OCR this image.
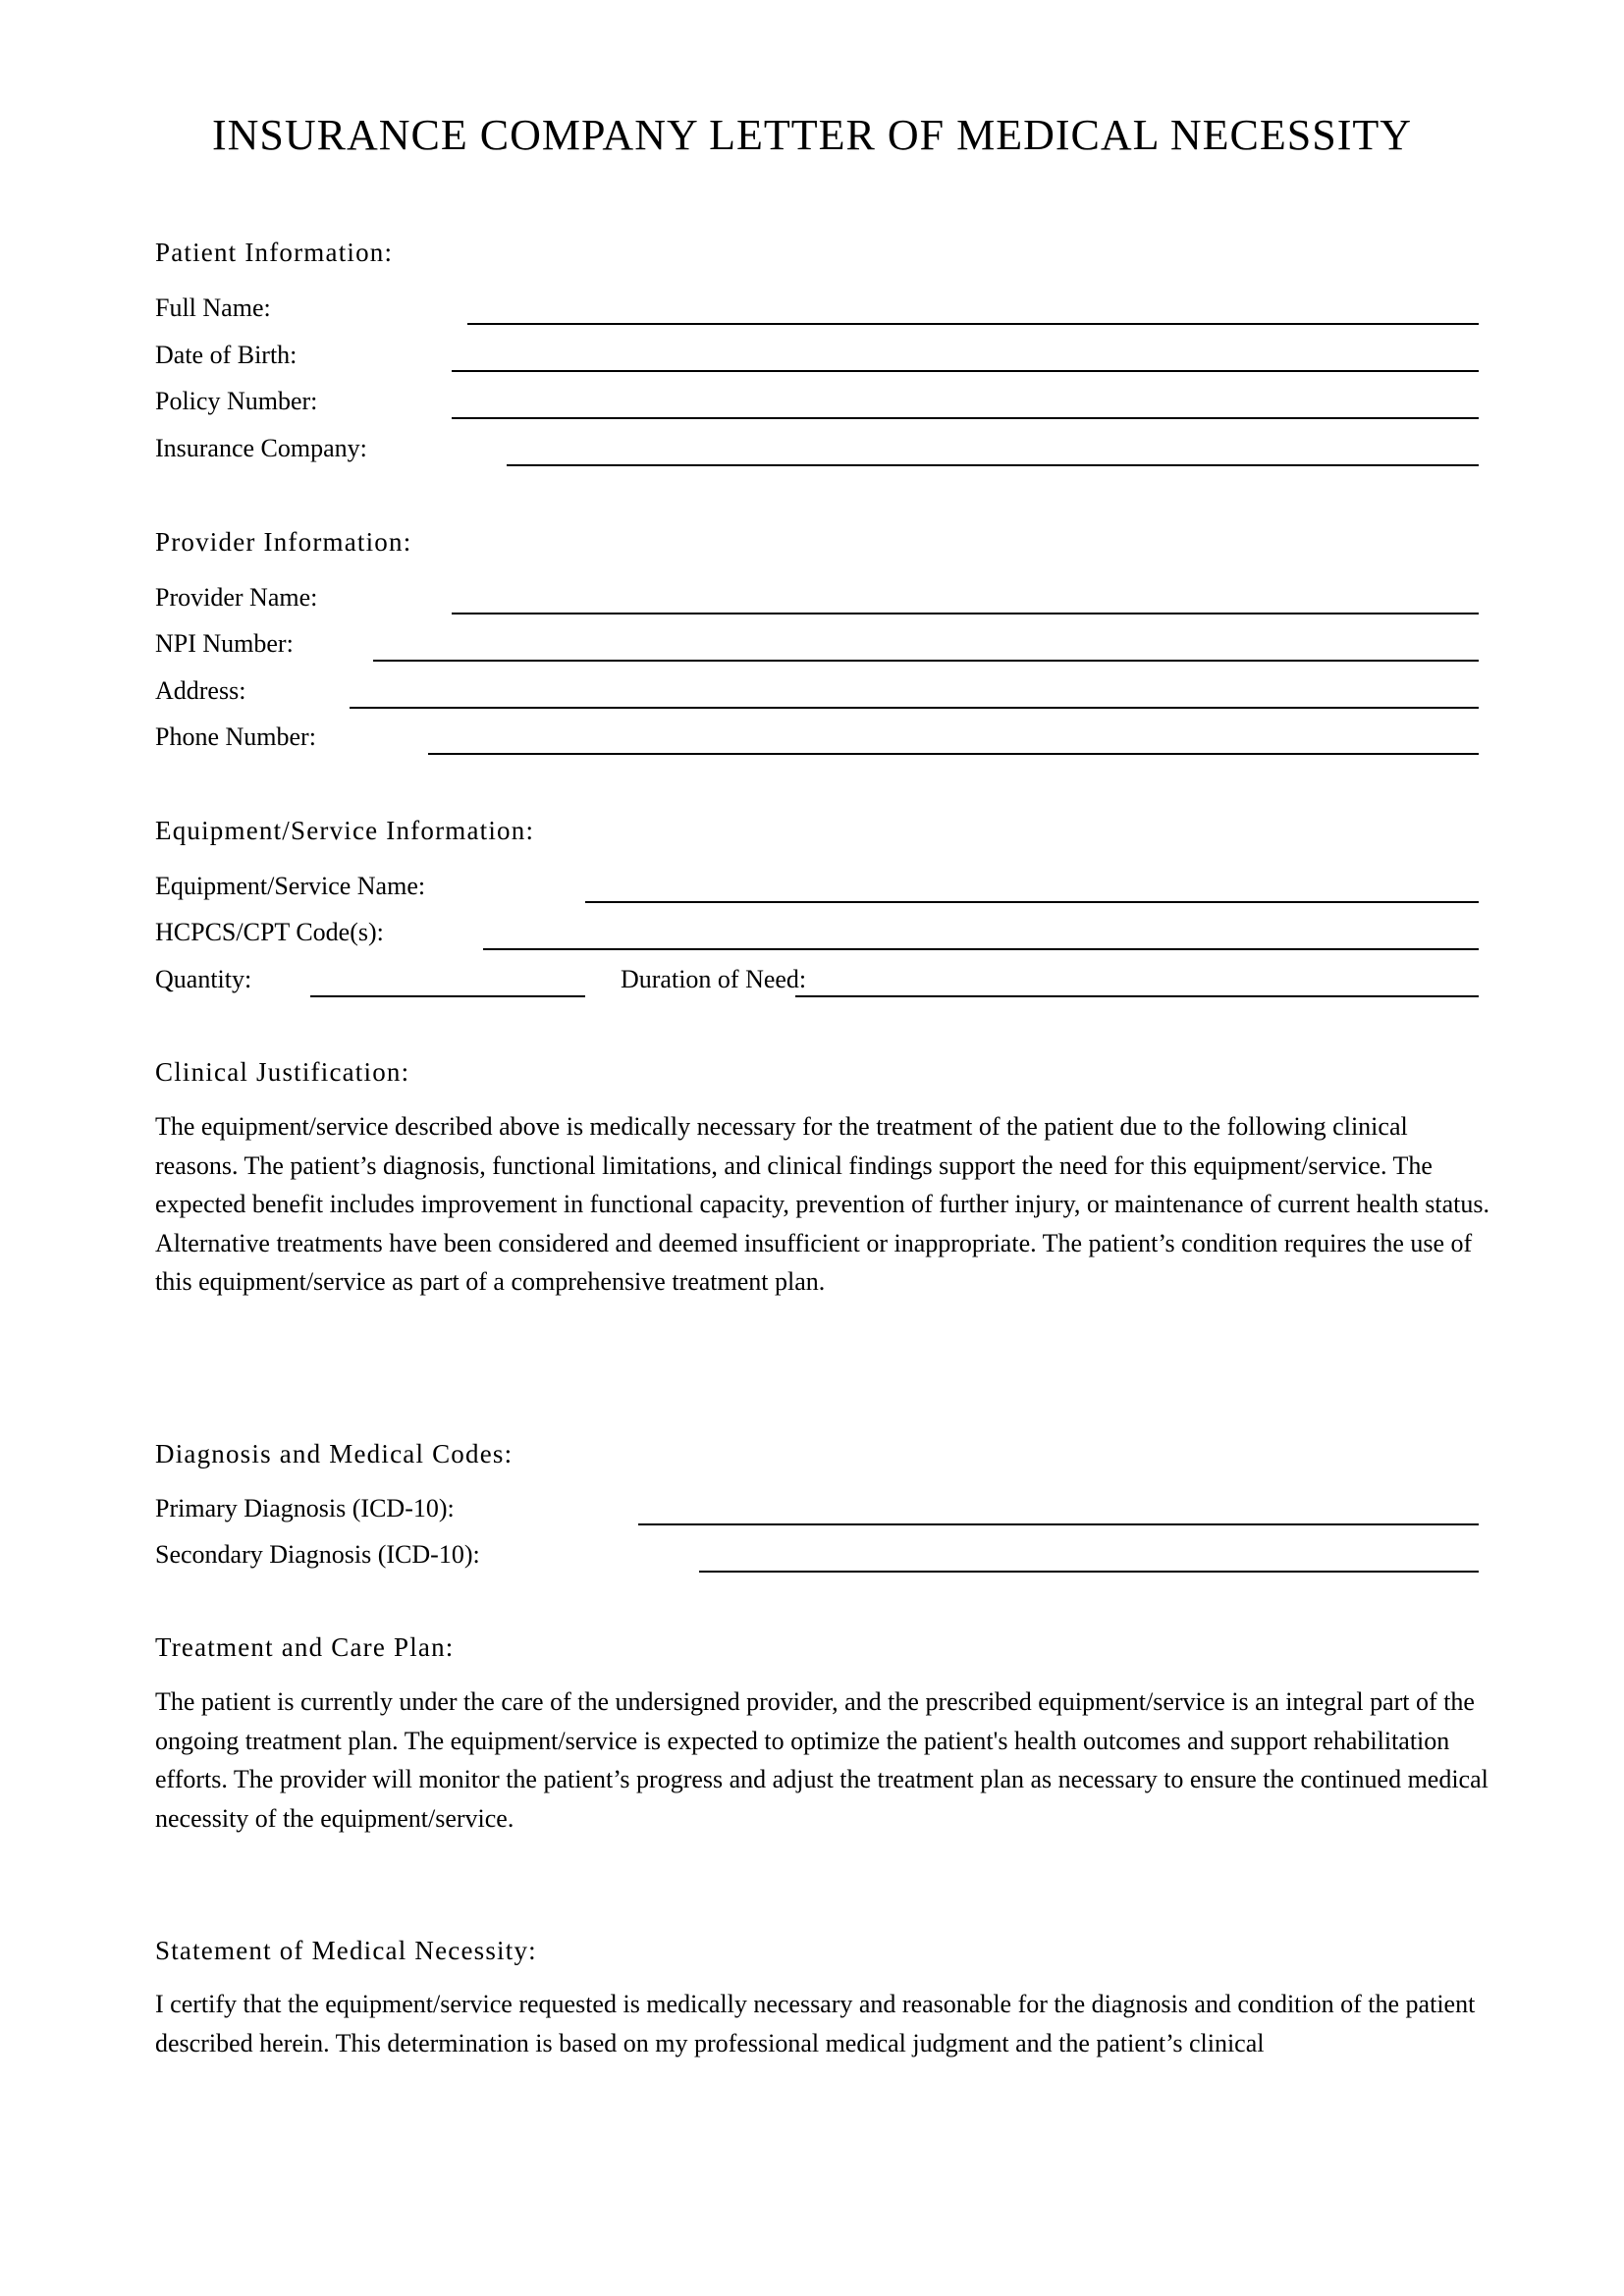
INSURANCE COMPANY LETTER OF MEDICAL NECESSITY
Patient Information:
Full Name:
Date of Birth:
Policy Number:
Insurance Company:
Provider Information:
Provider Name:
NPI Number:
Address:
Phone Number:
Equipment/Service Information:
Equipment/Service Name:
HCPCS/CPT Code(s):
Quantity:	Duration of Need:
Clinical Justification:
The equipment/service described above is medically necessary for the treatment of the patient due to the following clinical reasons. The patient’s diagnosis, functional limitations, and clinical findings support the need for this equipment/service. The expected benefit includes improvement in functional capacity, prevention of further injury, or maintenance of current health status. Alternative treatments have been considered and deemed insufficient or inappropriate. The patient’s condition requires the use of this equipment/service as part of a comprehensive treatment plan.
Diagnosis and Medical Codes:
Primary Diagnosis (ICD-10):
Secondary Diagnosis (ICD-10):
Treatment and Care Plan:
The patient is currently under the care of the undersigned provider, and the prescribed equipment/service is an integral part of the ongoing treatment plan. The equipment/service is expected to optimize the patient's health outcomes and support rehabilitation efforts. The provider will monitor the patient’s progress and adjust the treatment plan as necessary to ensure the continued medical necessity of the equipment/service.
Statement of Medical Necessity:
I certify that the equipment/service requested is medically necessary and reasonable for the diagnosis and condition of the patient described herein. This determination is based on my professional medical judgment and the patient’s clinical
